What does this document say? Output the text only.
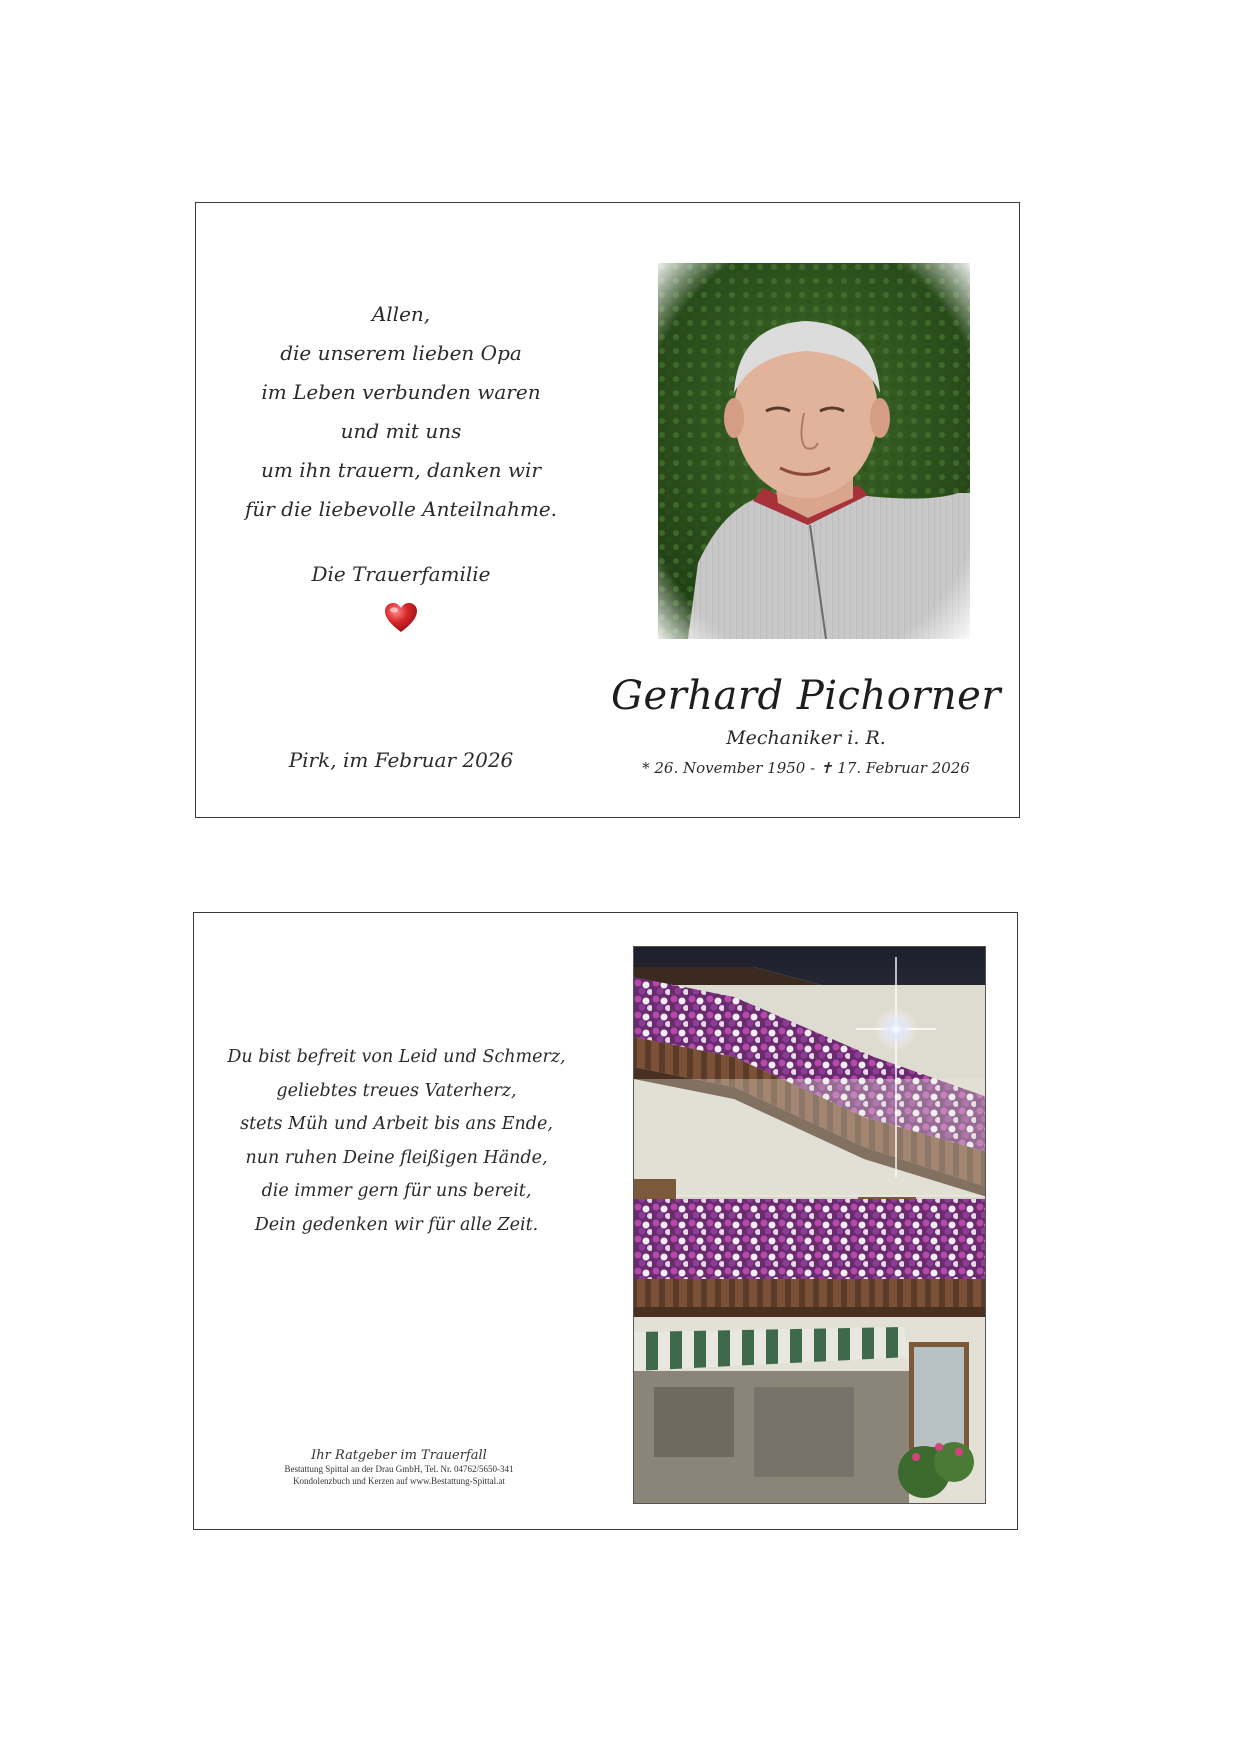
Allen,
die unserem lieben Opa
im Leben verbunden waren
und mit uns
um ihn trauern, danken wir
für die liebevolle Anteilnahme.
Die Trauerfamilie
Pirk, im Februar 2026
Gerhard Pichorner
Mechaniker i. R.
* 26. November 1950 - ✝ 17. Februar 2026
Du bist befreit von Leid und Schmerz,
geliebtes treues Vaterherz,
stets Müh und Arbeit bis ans Ende,
nun ruhen Deine fleißigen Hände,
die immer gern für uns bereit,
Dein gedenken wir für alle Zeit.
Ihr Ratgeber im Trauerfall
Bestattung Spittal an der Drau GmbH, Tel. Nr. 04762/5650-341
Kondolenzbuch und Kerzen auf www.Bestattung-Spittal.at
